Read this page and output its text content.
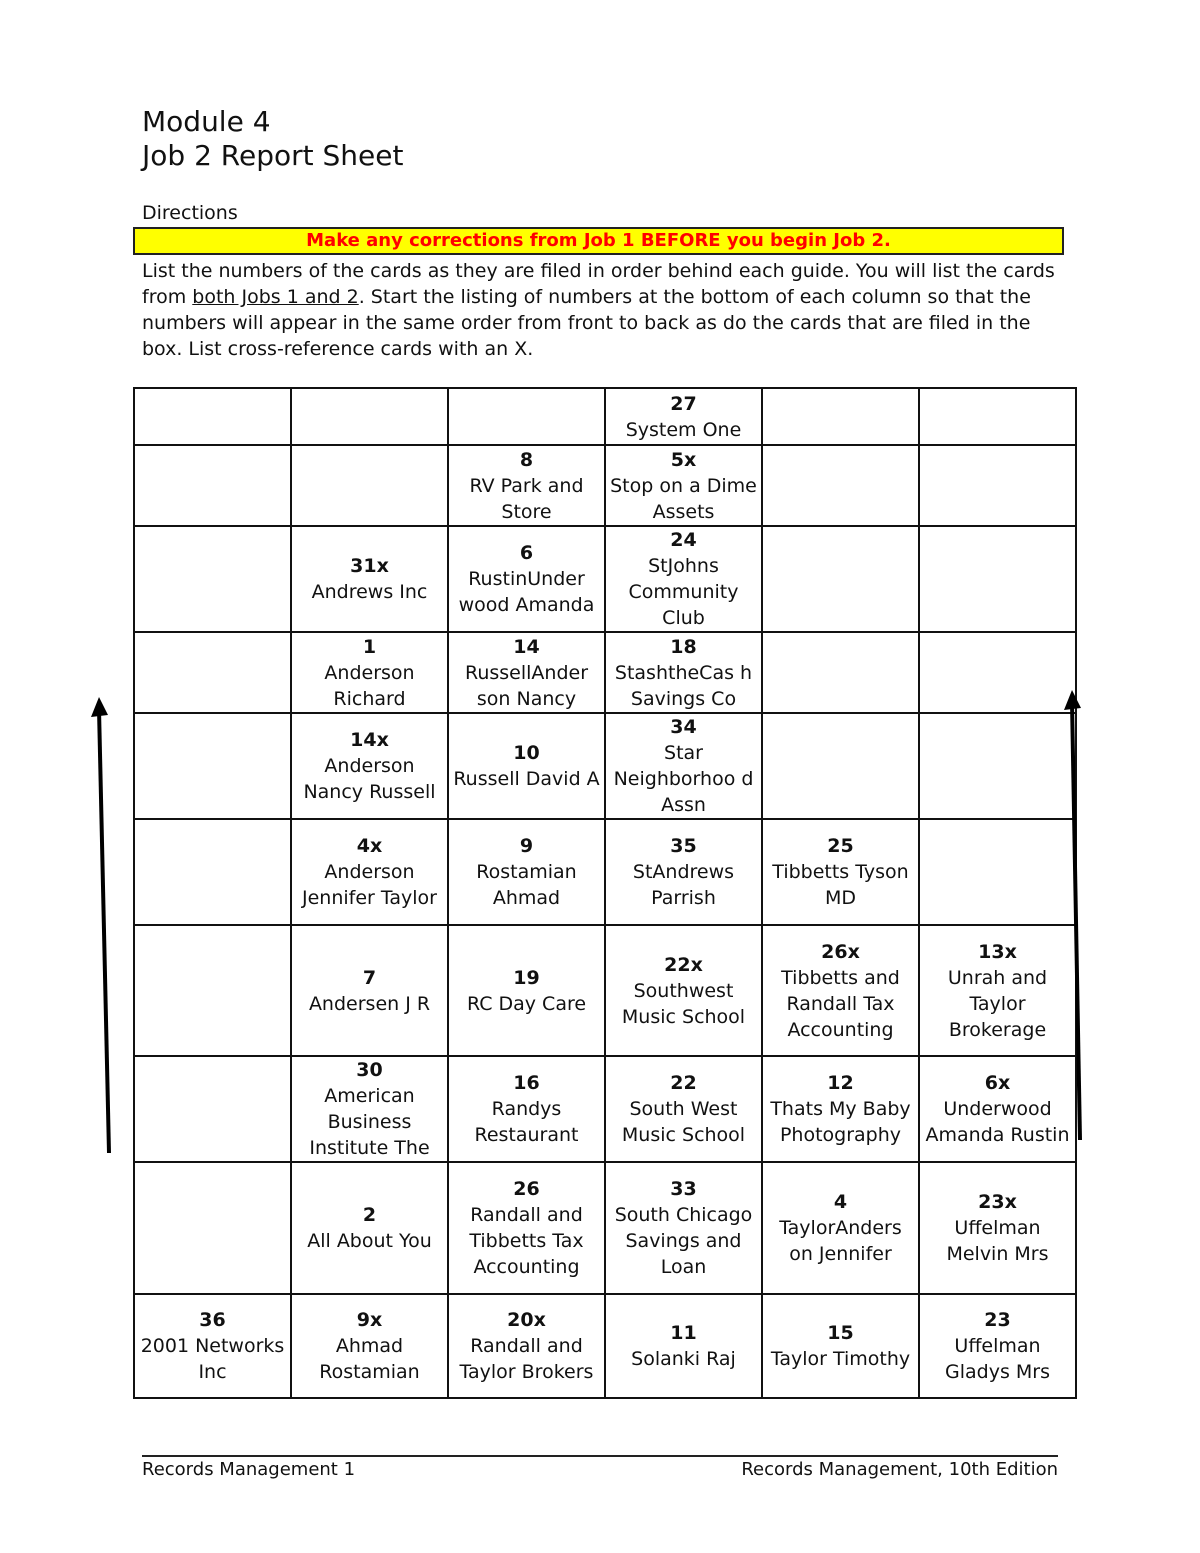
Module 4
Job 2 Report Sheet
Directions
Make any corrections from Job 1 BEFORE you begin Job 2.

List the numbers of the cards as they are filed in order behind each guide. You will list the cards from both Jobs 1 and 2. Start the listing of numbers at the bottom of each column so that the numbers will appear in the same order from front to back as do the cards that are filed in the box. List cross-reference cards with an X.

			27
System One		

		8
RV Park and Store	5x
Stop on a Dime Assets		

	31x
Andrews Inc	6
RustinUnder wood Amanda	24
StJohns Community Club		

	1
Anderson Richard	14
RussellAnder son Nancy	18
StashtheCas h Savings Co		

	14x
Anderson Nancy Russell	10
Russell David A	34
Star Neighborhoo d Assn		

	4x
Anderson Jennifer Taylor	9
Rostamian Ahmad	35
StAndrews Parrish	25
Tibbetts Tyson MD	

	7
Andersen J R	19
RC Day Care	22x
Southwest Music School	26x
Tibbetts and Randall Tax Accounting	13x
Unrah and Taylor Brokerage

	30
American Business Institute The	16
Randys Restaurant	22
South West Music School	12
Thats My Baby Photography	6x
Underwood Amanda Rustin

	2
All About You	26
Randall and Tibbetts Tax Accounting	33
South Chicago Savings and Loan	4
TaylorAnders on Jennifer	23x
Uffelman Melvin Mrs

36
2001 Networks Inc	9x
Ahmad Rostamian	20x
Randall and Taylor Brokers	11
Solanki Raj	15
Taylor Timothy	23
Uffelman Gladys Mrs
Records Management 1	Records Management, 10th Edition
